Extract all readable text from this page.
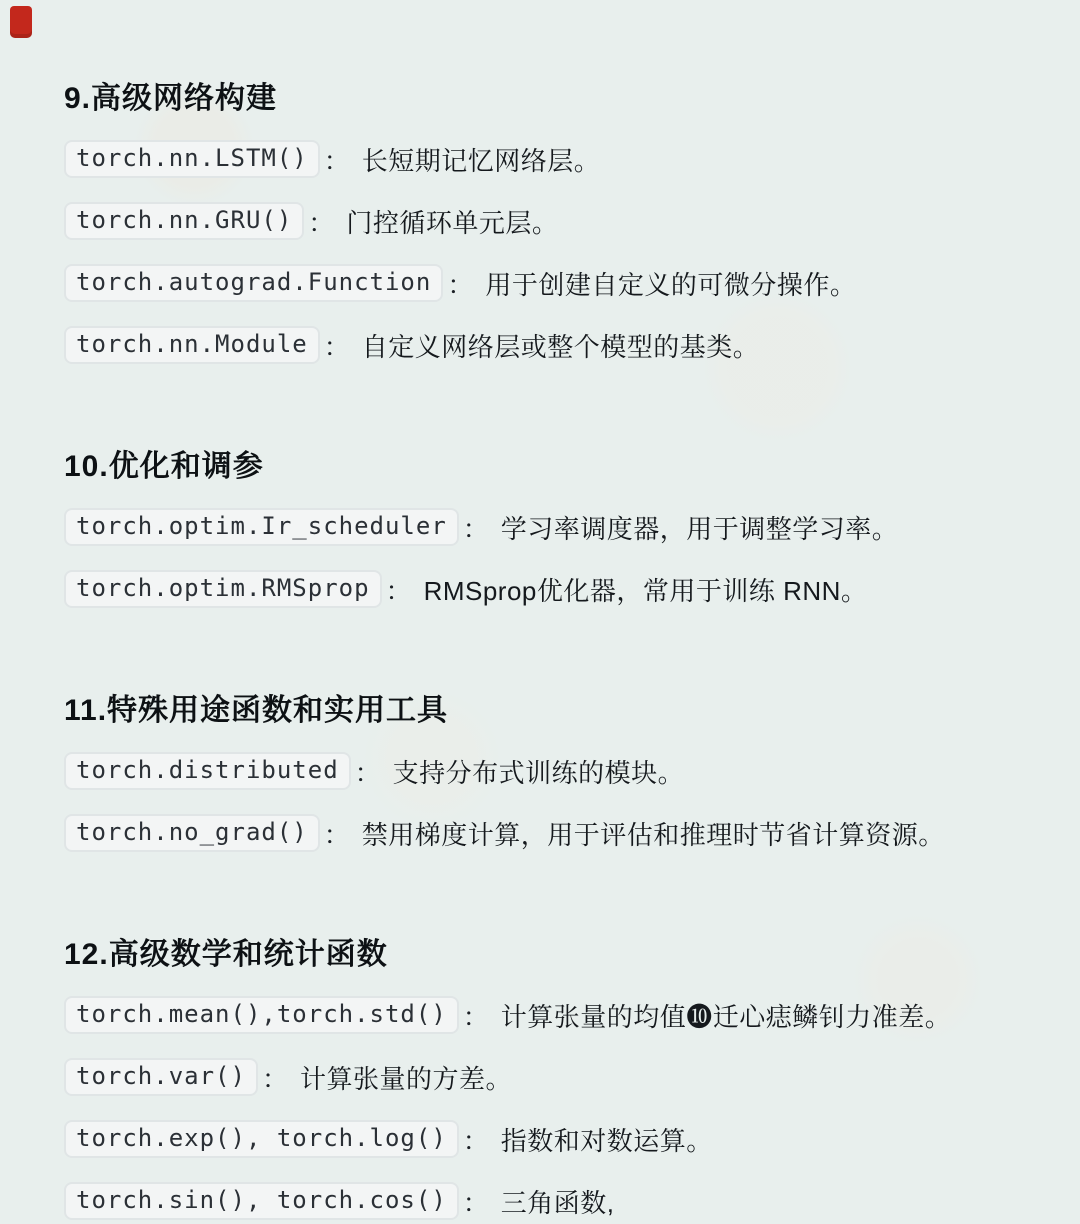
9.高级网络构建
torch.nn.LSTM() ： 长短期记忆网络层。
torch.nn.GRU() ： 门控循环单元层。
torch.autograd.Function ： 用于创建自定义的可微分操作。
torch.nn.Module ： 自定义网络层或整个模型的基类。
10.优化和调参
torch.optim.Ir_scheduler ： 学习率调度器，用于调整学习率。
torch.optim.RMSprop ： RMSprop优化器，常用于训练 RNN。
11.特殊用途函数和实用工具
torch.distributed ： 支持分布式训练的模块。
torch.no_grad() ： 禁用梯度计算，用于评估和推理时节省计算资源。
12.高级数学和统计函数
torch.mean(),torch.std() ： 计算张量的均值❿迁心痣鳞钊力准差。
torch.var() ： 计算张量的方差。
torch.exp(), torch.log() ： 指数和对数运算。
torch.sin(), torch.cos() ： 三角函数,
